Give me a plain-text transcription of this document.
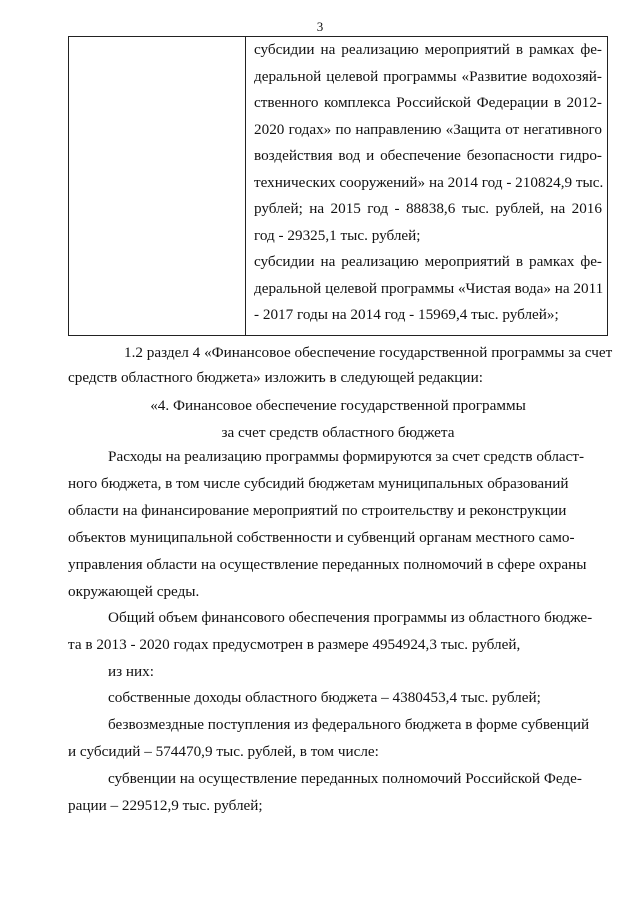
3
субсидии на реализацию мероприятий в рамках фе-
деральной целевой программы «Развитие водохозяй-
ственного комплекса Российской Федерации в 2012-
2020 годах» по направлению «Защита от негативного
воздействия вод и обеспечение безопасности гидро-
технических сооружений» на 2014 год - 210824,9 тыс.
рублей; на 2015 год - 88838,6 тыс. рублей, на 2016
год - 29325,1 тыс. рублей;
субсидии на реализацию мероприятий в рамках фе-
деральной целевой программы «Чистая вода» на 2011
- 2017 годы на 2014 год - 15969,4 тыс. рублей»;
1.2 раздел 4 «Финансовое обеспечение государственной программы за счет
средств областного бюджета» изложить в следующей редакции:
«4. Финансовое обеспечение государственной программы
за счет средств областного бюджета
Расходы на реализацию программы формируются за счет средств област-
ного бюджета, в том числе субсидий бюджетам муниципальных образований
области на финансирование мероприятий по строительству и реконструкции
объектов муниципальной собственности и субвенций органам местного само-
управления области на осуществление переданных полномочий в сфере охраны
окружающей среды.
Общий объем финансового обеспечения программы из областного бюдже-
та в 2013 - 2020 годах предусмотрен в размере 4954924,3 тыс. рублей,
из них:
собственные доходы областного бюджета – 4380453,4 тыс. рублей;
безвозмездные поступления из федерального бюджета в форме субвенций
и субсидий – 574470,9 тыс. рублей, в том числе:
субвенции на осуществление переданных полномочий Российской Феде-
рации – 229512,9 тыс. рублей;
